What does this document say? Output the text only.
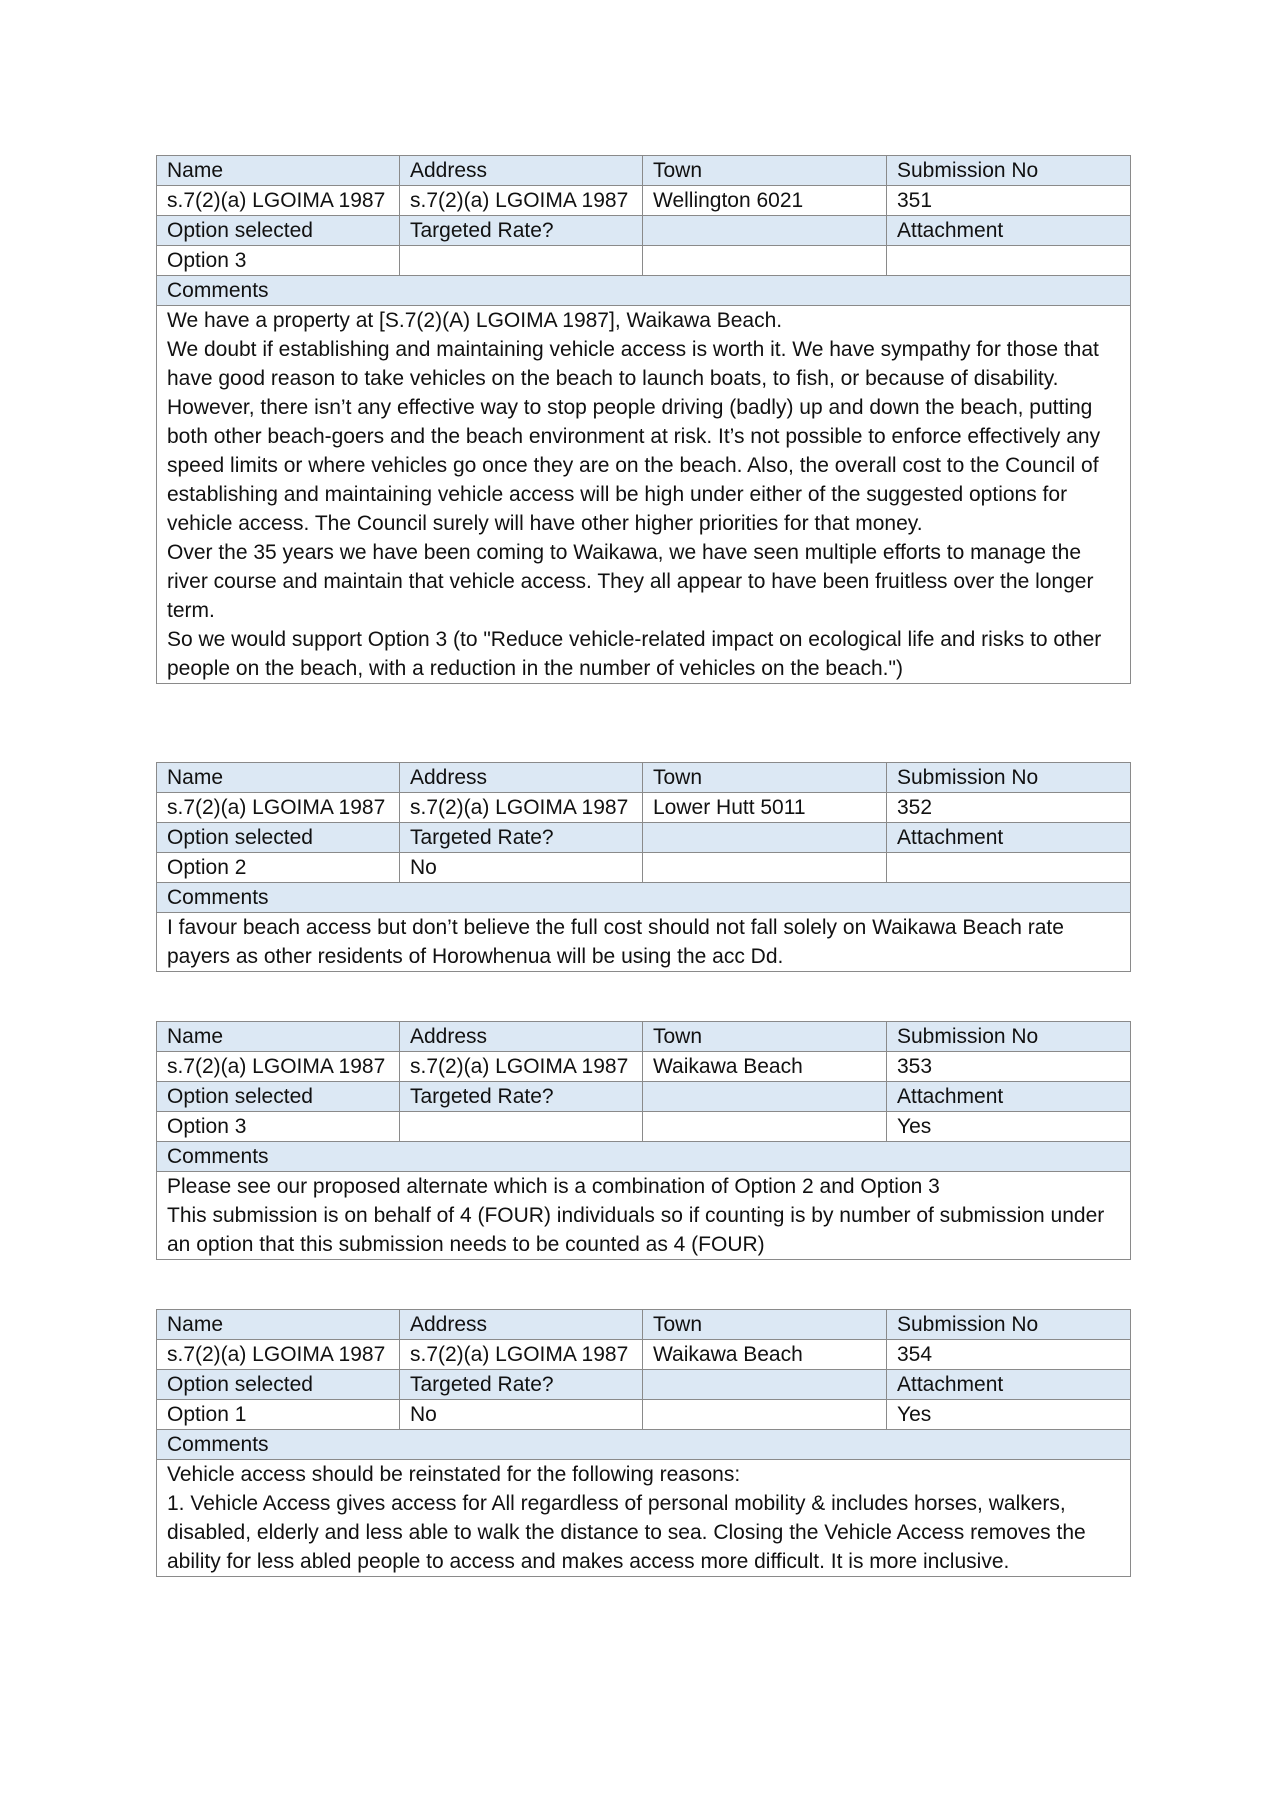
Name	Address	Town	Submission No
s.7(2)(a) LGOIMA 1987	s.7(2)(a) LGOIMA 1987	Wellington 6021	351
Option selected	Targeted Rate?		Attachment
Option 3			
Comments			

We have a property at [S.7(2)(A) LGOIMA 1987], Waikawa Beach.

We doubt if establishing and maintaining vehicle access is worth it. We have sympathy for those that have good reason to take vehicles on the beach to launch boats, to fish, or because of disability. However, there isn’t any effective way to stop people driving (badly) up and down the beach, putting both other beach-goers and the beach environment at risk. It’s not possible to enforce effectively any speed limits or where vehicles go once they are on the beach. Also, the overall cost to the Council of establishing and maintaining vehicle access will be high under either of the suggested options for vehicle access. The Council surely will have other higher priorities for that money.

Over the 35 years we have been coming to Waikawa, we have seen multiple efforts to manage the river course and maintain that vehicle access. They all appear to have been fruitless over the longer term.

So we would support Option 3 (to "Reduce vehicle-related impact on ecological life and risks to other people on the beach, with a reduction in the number of vehicles on the beach.")			

Name	Address	Town	Submission No
s.7(2)(a) LGOIMA 1987	s.7(2)(a) LGOIMA 1987	Lower Hutt 5011	352
Option selected	Targeted Rate?		Attachment
Option 2	No		
Comments			

I favour beach access but don’t believe the full cost should not fall solely on Waikawa Beach rate payers as other residents of Horowhenua will be using the acc Dd.			

Name	Address	Town	Submission No
s.7(2)(a) LGOIMA 1987	s.7(2)(a) LGOIMA 1987	Waikawa Beach	353
Option selected	Targeted Rate?		Attachment
Option 3			Yes
Comments			

Please see our proposed alternate which is a combination of Option 2 and Option 3

This submission is on behalf of 4 (FOUR) individuals so if counting is by number of submission under an option that this submission needs to be counted as 4 (FOUR)			

Name	Address	Town	Submission No
s.7(2)(a) LGOIMA 1987	s.7(2)(a) LGOIMA 1987	Waikawa Beach	354
Option selected	Targeted Rate?		Attachment
Option 1	No		Yes
Comments			

Vehicle access should be reinstated for the following reasons:

1. Vehicle Access gives access for All regardless of personal mobility & includes horses, walkers, disabled, elderly and less able to walk the distance to sea. Closing the Vehicle Access removes the ability for less abled people to access and makes access more difficult. It is more inclusive.			
